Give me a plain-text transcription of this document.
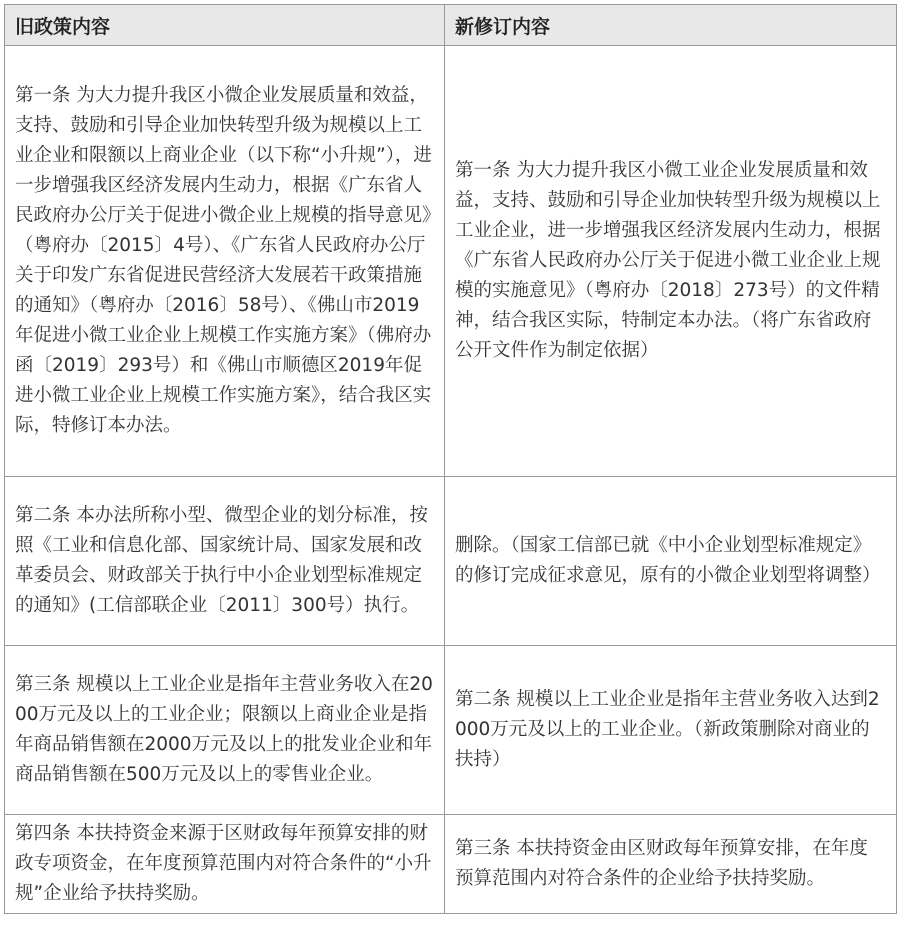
旧政策内容	新修订内容
第一条 为大力提升我区小微企业发展质量和效益，支持、鼓励和引导企业加快转型升级为规模以上工业企业和限额以上商业企业（以下称“小升规”），进一步增强我区经济发展内生动力，根据《广东省人民政府办公厅关于促进小微企业上规模的指导意见》（粤府办〔2015〕4号）、《广东省人民政府办公厅关于印发广东省促进民营经济大发展若干政策措施的通知》（粤府办〔2016〕58号）、《佛山市2019年促进小微工业企业上规模工作实施方案》（佛府办函〔2019〕293号）和《佛山市顺德区2019年促进小微工业企业上规模工作实施方案》，结合我区实际，特修订本办法。	第一条 为大力提升我区小微工业企业发展质量和效益，支持、鼓励和引导企业加快转型升级为规模以上工业企业，进一步增强我区经济发展内生动力，根据《广东省人民政府办公厅关于促进小微工业企业上规模的实施意见》（粤府办〔2018〕273号）的文件精神，结合我区实际，特制定本办法。（将广东省政府公开文件作为制定依据）
第二条 本办法所称小型、微型企业的划分标准，按照《工业和信息化部、国家统计局、国家发展和改革委员会、财政部关于执行中小企业划型标准规定的通知》(工信部联企业〔2011〕300号）执行。	删除。（国家工信部已就《中小企业划型标准规定》的修订完成征求意见，原有的小微企业划型将调整）
第三条 规模以上工业企业是指年主营业务收入在2000万元及以上的工业企业；限额以上商业企业是指年商品销售额在2000万元及以上的批发业企业和年商品销售额在500万元及以上的零售业企业。	第二条 规模以上工业企业是指年主营业务收入达到2000万元及以上的工业企业。（新政策删除对商业的扶持）
第四条 本扶持资金来源于区财政每年预算安排的财政专项资金，在年度预算范围内对符合条件的“小升规”企业给予扶持奖励。	第三条 本扶持资金由区财政每年预算安排，在年度预算范围内对符合条件的企业给予扶持奖励。
